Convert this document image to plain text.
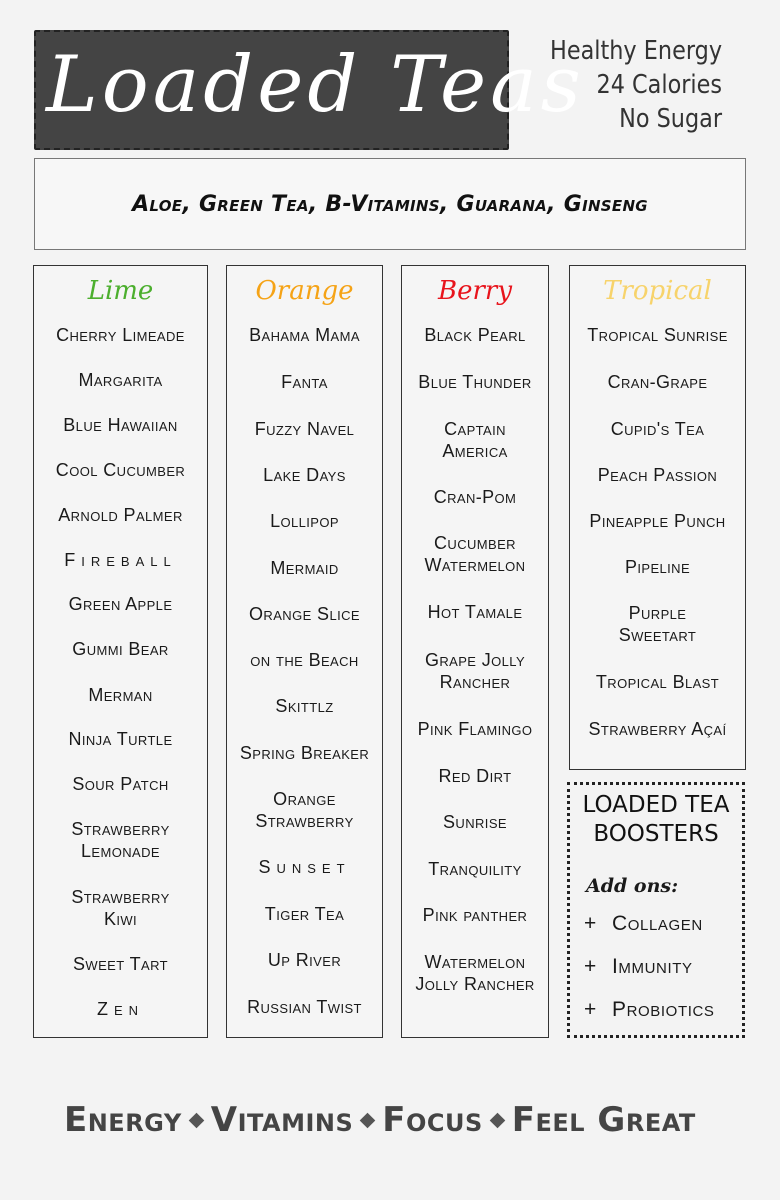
Loaded Teas
Healthy Energy
24 Calories
No Sugar
Aloe, Green Tea, B-Vitamins, Guarana, Ginseng
Lime
Cherry Limeade
Margarita
Blue Hawaiian
Cool Cucumber
Arnold Palmer
Fireball
Green Apple
Gummi Bear
Merman
Ninja Turtle
Sour Patch
Strawberry
Lemonade
Strawberry
Kiwi
Sweet Tart
Zen
Orange
Bahama Mama
Fanta
Fuzzy Navel
Lake Days
Lollipop
Mermaid
Orange Slice
on the Beach
Skittlz
Spring Breaker
Orange
Strawberry
Sunset
Tiger Tea
Up River
Russian Twist
Berry
Black Pearl
Blue Thunder
Captain
America
Cran-Pom
Cucumber
Watermelon
Hot Tamale
Grape Jolly
Rancher
Pink Flamingo
Red Dirt
Sunrise
Tranquility
Pink panther
Watermelon
Jolly Rancher
Tropical
Tropical Sunrise
Cran-Grape
Cupid's Tea
Peach Passion
Pineapple Punch
Pipeline
Purple
Sweetart
Tropical Blast
Strawberry Açaí
LOADED TEA BOOSTERS
Add ons:
+ Collagen
+ Immunity
+ Probiotics
Energy Vitamins Focus Feel Great
